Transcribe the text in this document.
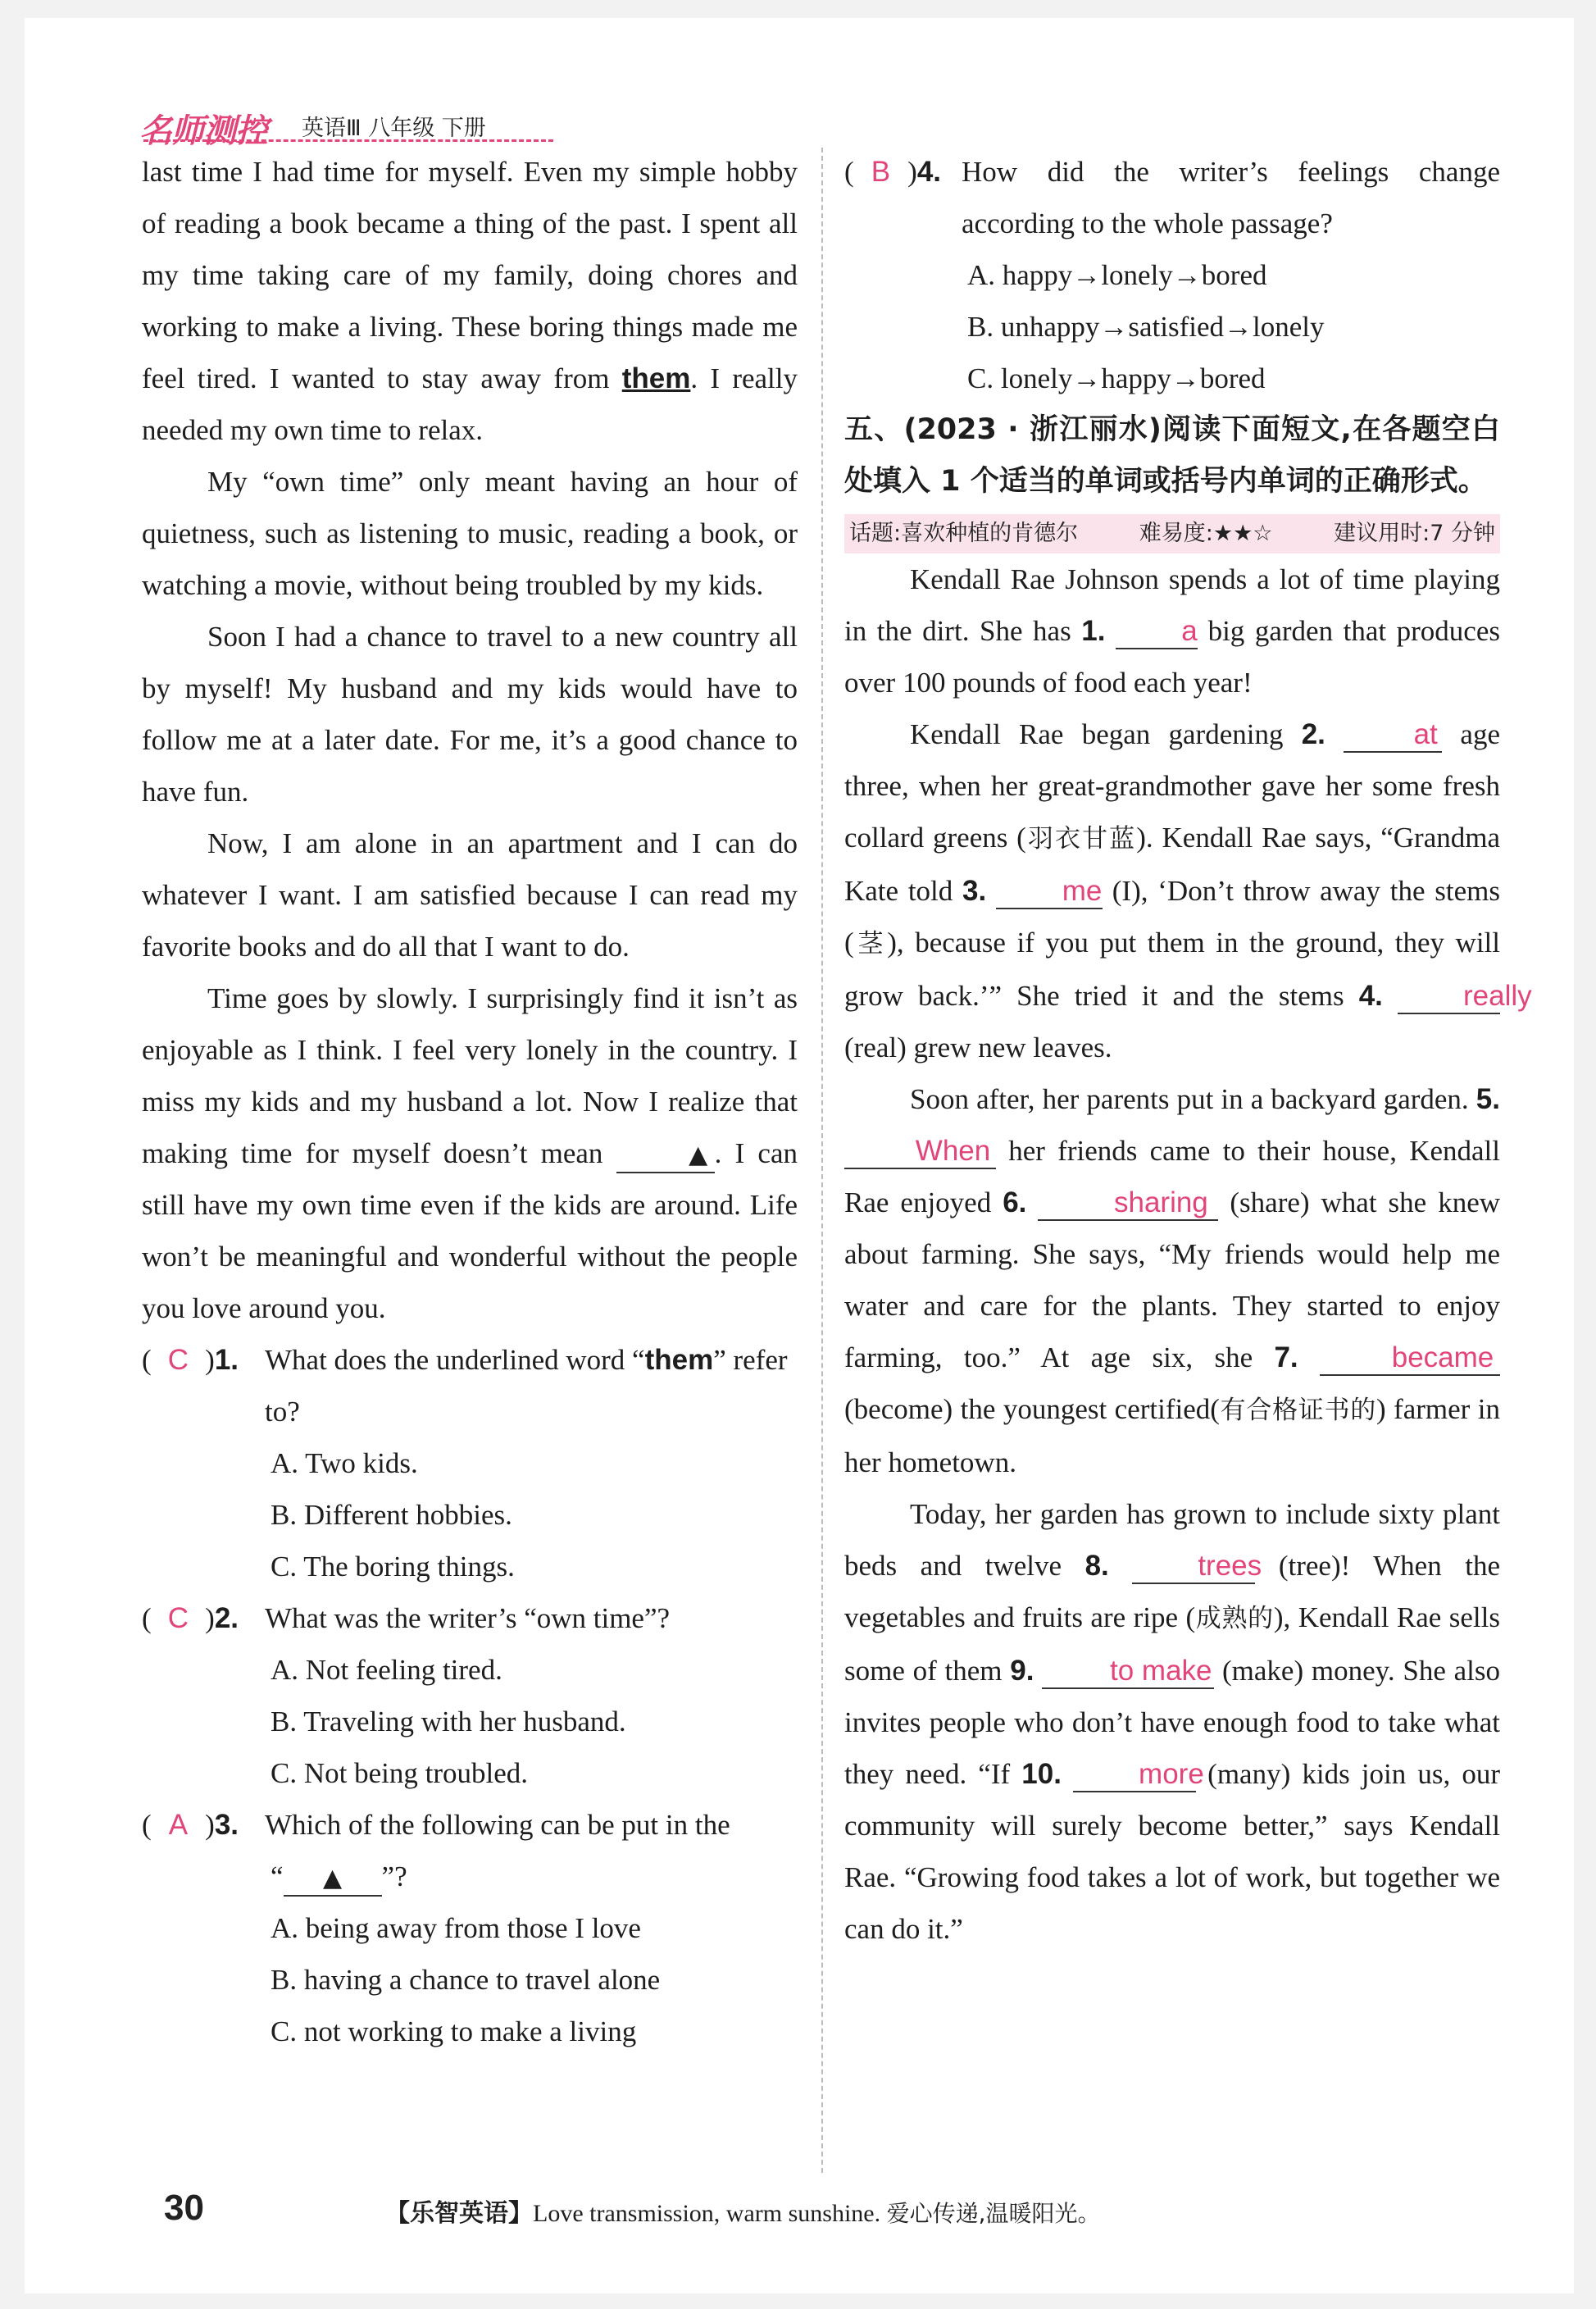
名师测控 英语Ⅲ 八年级 下册
last time I had time for myself. Even my simple hobby of reading a book became a thing of the past. I spent all my time taking care of my family, doing chores and working to make a living. These boring things made me feel tired. I wanted to stay away from them. I really needed my own time to relax.
My “own time” only meant having an hour of quietness, such as listening to music, reading a book, or watching a movie, without being troubled by my kids.
Soon I had a chance to travel to a new country all by myself! My husband and my kids would have to follow me at a later date. For me, it’s a good chance to have fun.
Now, I am alone in an apartment and I can do whatever I want. I am satisfied because I can read my favorite books and do all that I want to do.
Time goes by slowly. I surprisingly find it isn’t as enjoyable as I think. I feel very lonely in the country. I miss my kids and my husband a lot. Now I realize that making time for myself doesn’t mean	▲ . I can still have my own time even if the kids are around. Life won’t be meaningful and wonderful without the people you love around you.
( C )1. What does the underlined word “them” refer to?
A. Two kids.
B. Different hobbies.
C. The boring things.
( C )2. What was the writer’s “own time”?
A. Not feeling tired.
B. Traveling with her husband.
C. Not being troubled.
( A )3. Which of the following can be put in the
“ ▲ ”?
A. being away from those I love
B. having a chance to travel alone
C. not working to make a living
( B )4. How did the writer’s feelings change according to the whole passage?
A. happy→lonely→bored
B. unhappy→satisfied→lonely
C. lonely→happy→bored
五、(2023 · 浙江丽水)阅读下面短文,在各题空白处填入 1 个适当的单词或括号内单词的正确形式。
话题:喜欢种植的肯德尔	难易度:★★☆	建议用时:7 分钟
Kendall Rae Johnson spends a lot of time playing in the dirt. She has 1.	a big garden that produces over 100 pounds of food each year!
Kendall Rae began gardening 2.	at age three, when her great-grandmother gave her some fresh collard greens (羽衣甘蓝). Kendall Rae says, “Grandma Kate told 3.	me (I), ‘Don’t throw away the stems (茎), because if you put them in the ground, they will grow back.’” She tried it and the stems 4.	really (real) grew new leaves.
Soon after, her parents put in a backyard garden. 5. When her friends came to their house, Kendall Rae enjoyed 6.	sharing (share) what she knew about farming. She says, “My friends would help me water and care for the plants. They started to enjoy farming, too.” At age six, she 7.	became (become) the youngest certified(有合格证书的) farmer in her hometown.
Today, her garden has grown to include sixty plant beds and twelve 8.	trees (tree)! When the vegetables and fruits are ripe (成熟的), Kendall Rae sells some of them 9.	to make (make) money. She also invites people who don’t have enough food to take what they need. “If 10.	more (many) kids join us, our community will surely become better,” says Kendall Rae. “Growing food takes a lot of work, but together we can do it.”
30	【乐智英语】Love transmission, warm sunshine. 爱心传递,温暖阳光。
